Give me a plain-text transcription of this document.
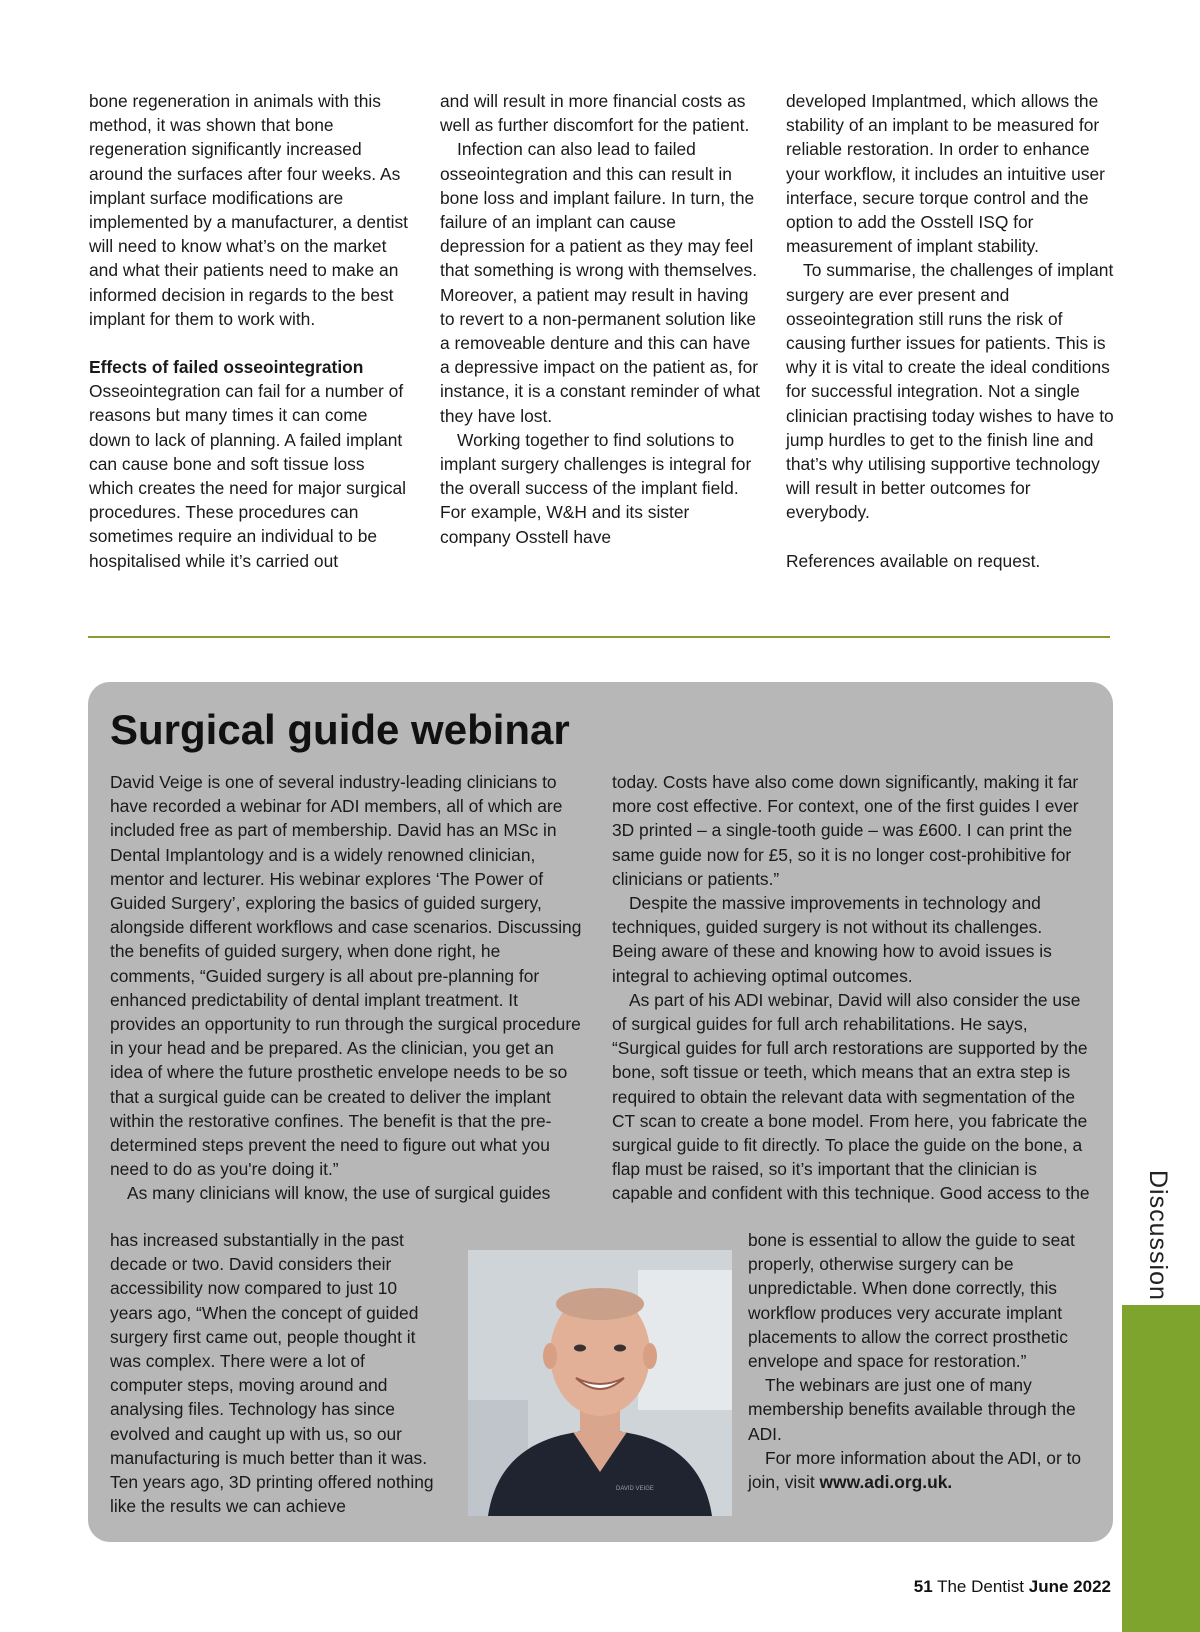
bone regeneration in animals with this method, it was shown that bone regeneration significantly increased around the surfaces after four weeks. As implant surface modifications are implemented by a manufacturer, a dentist will need to know what’s on the market and what their patients need to make an informed decision in regards to the best implant for them to work with.

Effects of failed osseointegration

Osseointegration can fail for a number of reasons but many times it can come down to lack of planning. A failed implant can cause bone and soft tissue loss which creates the need for major surgical procedures. These procedures can sometimes require an individual to be hospitalised while it’s carried out

and will result in more financial costs as well as further discomfort for the patient.

Infection can also lead to failed osseointegration and this can result in bone loss and implant failure. In turn, the failure of an implant can cause depression for a patient as they may feel that something is wrong with themselves. Moreover, a patient may result in having to revert to a non-permanent solution like a removeable denture and this can have a depressive impact on the patient as, for instance, it is a constant reminder of what they have lost.

Working together to find solutions to implant surgery challenges is integral for the overall success of the implant field. For example, W&H and its sister company Osstell have

developed Implantmed, which allows the stability of an implant to be measured for reliable restoration. In order to enhance your workflow, it includes an intuitive user interface, secure torque control and the option to add the Osstell ISQ for measurement of implant stability.

To summarise, the challenges of implant surgery are ever present and osseointegration still runs the risk of causing further issues for patients. This is why it is vital to create the ideal conditions for successful integration. Not a single clinician practising today wishes to have to jump hurdles to get to the finish line and that’s why utilising supportive technology will result in better outcomes for everybody.

References available on request.

Surgical guide webinar

David Veige is one of several industry-leading clinicians to have recorded a webinar for ADI members, all of which are included free as part of membership. David has an MSc in Dental Implantology and is a widely renowned clinician, mentor and lecturer. His webinar explores ‘The Power of Guided Surgery’, exploring the basics of guided surgery, alongside different workflows and case scenarios. Discussing the benefits of guided surgery, when done right, he comments, “Guided surgery is all about pre-planning for enhanced predictability of dental implant treatment. It provides an opportunity to run through the surgical procedure in your head and be prepared. As the clinician, you get an idea of where the future prosthetic envelope needs to be so that a surgical guide can be created to deliver the implant within the restorative confines. The benefit is that the pre-determined steps prevent the need to figure out what you need to do as you're doing it.”

As many clinicians will know, the use of surgical guides

today. Costs have also come down significantly, making it far more cost effective. For context, one of the first guides I ever 3D printed – a single-tooth guide – was £600. I can print the same guide now for £5, so it is no longer cost-prohibitive for clinicians or patients.”

Despite the massive improvements in technology and techniques, guided surgery is not without its challenges. Being aware of these and knowing how to avoid issues is integral to achieving optimal outcomes.

As part of his ADI webinar, David will also consider the use of surgical guides for full arch rehabilitations. He says, “Surgical guides for full arch restorations are supported by the bone, soft tissue or teeth, which means that an extra step is required to obtain the relevant data with segmentation of the CT scan to create a bone model. From here, you fabricate the surgical guide to fit directly. To place the guide on the bone, a flap must be raised, so it’s important that the clinician is capable and confident with this technique. Good access to the

has increased substantially in the past decade or two. David considers their accessibility now compared to just 10 years ago, “When the concept of guided surgery first came out, people thought it was complex. There were a lot of computer steps, moving around and analysing files. Technology has since evolved and caught up with us, so our manufacturing is much better than it was. Ten years ago, 3D printing offered nothing like the results we can achieve

DAVID VEIGE

bone is essential to allow the guide to seat properly, otherwise surgery can be unpredictable. When done correctly, this workflow produces very accurate implant placements to allow the correct prosthetic envelope and space for restoration.”

The webinars are just one of many membership benefits available through the ADI.

For more information about the ADI, or to join, visit www.adi.org.uk.

Discussion
51 The Dentist June 2022
